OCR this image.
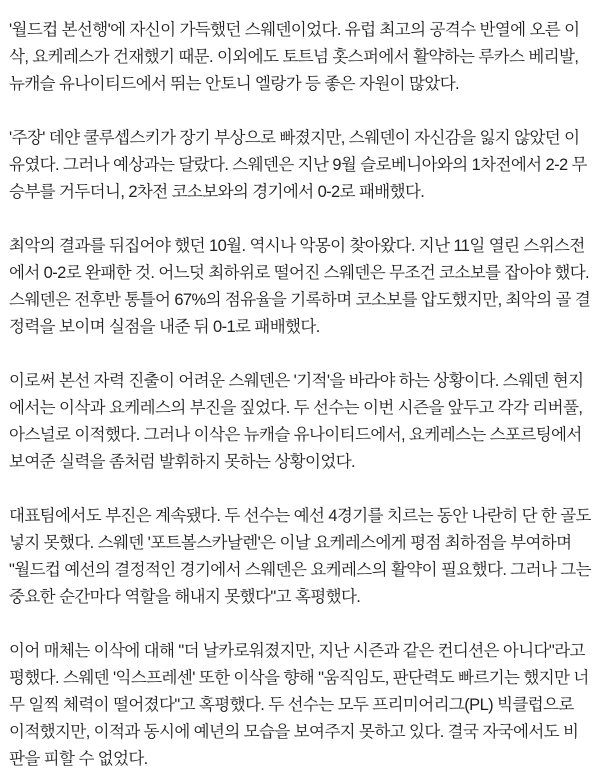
'월드컵 본선행'에 자신이 가득했던 스웨덴이었다. 유럽 최고의 공격수 반열에 오른 이삭, 요케레스가 건재했기 때문. 이외에도 토트넘 홋스퍼에서 활약하는 루카스 베리발, 뉴캐슬 유나이티드에서 뛰는 안토니 엘랑가 등 좋은 자원이 많았다.

'주장' 데얀 쿨루셉스키가 장기 부상으로 빠졌지만, 스웨덴이 자신감을 잃지 않았던 이유였다. 그러나 예상과는 달랐다. 스웨덴은 지난 9월 슬로베니아와의 1차전에서 2-2 무승부를 거두더니, 2차전 코소보와의 경기에서 0-2로 패배했다.

최악의 결과를 뒤집어야 했던 10월. 역시나 악몽이 찾아왔다. 지난 11일 열린 스위스전에서 0-2로 완패한 것. 어느덧 최하위로 떨어진 스웨덴은 무조건 코소보를 잡아야 했다. 스웨덴은 전후반 통틀어 67%의 점유율을 기록하며 코소보를 압도했지만, 최악의 골 결정력을 보이며 실점을 내준 뒤 0-1로 패배했다.

이로써 본선 자력 진출이 어려운 스웨덴은 '기적'을 바라야 하는 상황이다. 스웨덴 현지에서는 이삭과 요케레스의 부진을 짚었다. 두 선수는 이번 시즌을 앞두고 각각 리버풀, 아스널로 이적했다. 그러나 이삭은 뉴캐슬 유나이티드에서, 요케레스는 스포르팅에서 보여준 실력을 좀처럼 발휘하지 못하는 상황이었다.

대표팀에서도 부진은 계속됐다. 두 선수는 예선 4경기를 치르는 동안 나란히 단 한 골도 넣지 못했다. 스웨덴 '포트볼스카날렌'은 이날 요케레스에게 평점 최하점을 부여하며 "월드컵 예선의 결정적인 경기에서 스웨덴은 요케레스의 활약이 필요했다. 그러나 그는 중요한 순간마다 역할을 해내지 못했다"고 혹평했다.

이어 매체는 이삭에 대해 "더 날카로워졌지만, 지난 시즌과 같은 컨디션은 아니다"라고 평했다. 스웨덴 '익스프레센' 또한 이삭을 향해 "움직임도, 판단력도 빠르기는 했지만 너무 일찍 체력이 떨어졌다"고 혹평했다. 두 선수는 모두 프리미어리그(PL) 빅클럽으로 이적했지만, 이적과 동시에 예년의 모습을 보여주지 못하고 있다. 결국 자국에서도 비판을 피할 수 없었다.
